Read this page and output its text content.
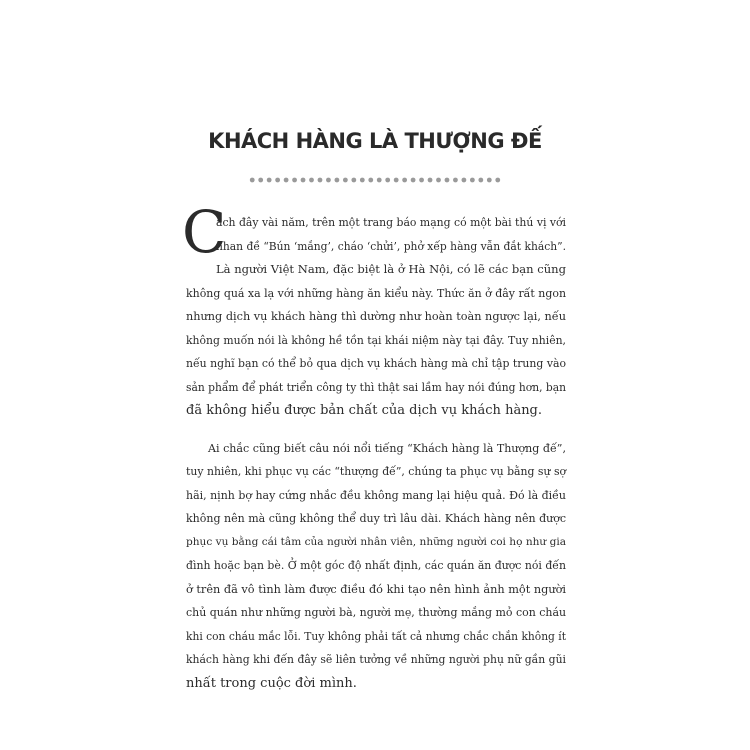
KHÁCH HÀNG LÀ THƯỢNG ĐẾ
C
ách đây vài năm, trên một trang báo mạng có một bài thú vị với
nhan đề “Bún ‘mắng’, cháo ‘chửi’, phở xếp hàng vẫn đắt khách”.
Là người Việt Nam, đặc biệt là ở Hà Nội, có lẽ các bạn cũng
không quá xa lạ với những hàng ăn kiểu này. Thức ăn ở đây rất ngon
nhưng dịch vụ khách hàng thì dường như hoàn toàn ngược lại, nếu
không muốn nói là không hề tồn tại khái niệm này tại đây. Tuy nhiên,
nếu nghĩ bạn có thể bỏ qua dịch vụ khách hàng mà chỉ tập trung vào
sản phẩm để phát triển công ty thì thật sai lầm hay nói đúng hơn, bạn
đã không hiểu được bản chất của dịch vụ khách hàng.
Ai chắc cũng biết câu nói nổi tiếng “Khách hàng là Thượng đế”,
tuy nhiên, khi phục vụ các “thượng đế”, chúng ta phục vụ bằng sự sợ
hãi, nịnh bợ hay cứng nhắc đều không mang lại hiệu quả. Đó là điều
không nên mà cũng không thể duy trì lâu dài. Khách hàng nên được
phục vụ bằng cái tâm của người nhân viên, những người coi họ như gia
đình hoặc bạn bè. Ở một góc độ nhất định, các quán ăn được nói đến
ở trên đã vô tình làm được điều đó khi tạo nên hình ảnh một người
chủ quán như những người bà, người mẹ, thường mắng mỏ con cháu
khi con cháu mắc lỗi. Tuy không phải tất cả nhưng chắc chắn không ít
khách hàng khi đến đây sẽ liên tưởng về những người phụ nữ gần gũi
nhất trong cuộc đời mình.
